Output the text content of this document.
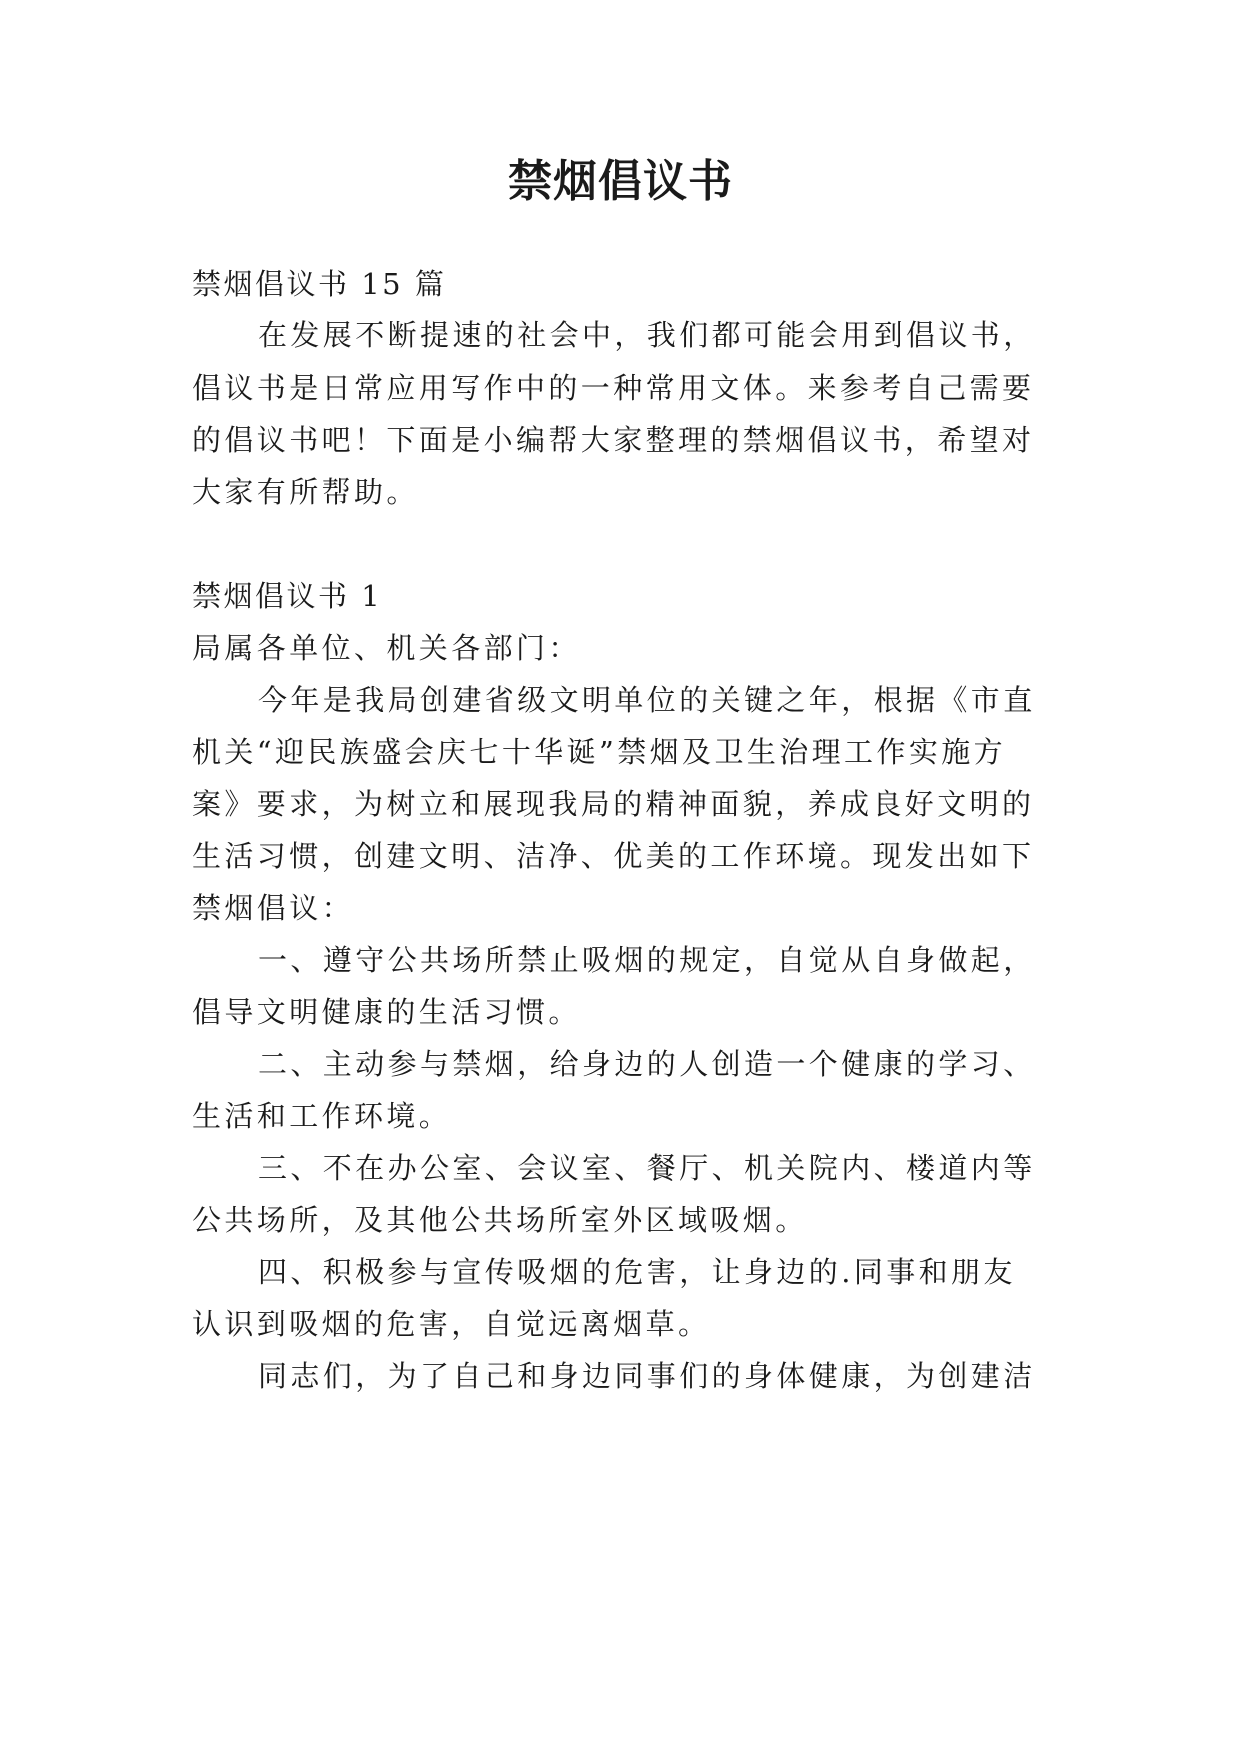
禁烟倡议书
禁烟倡议书 15 篇
在发展不断提速的社会中，我们都可能会用到倡议书，
倡议书是日常应用写作中的一种常用文体。来参考自己需要
的倡议书吧！下面是小编帮大家整理的禁烟倡议书，希望对
大家有所帮助。
禁烟倡议书 1
局属各单位、机关各部门：
今年是我局创建省级文明单位的关键之年，根据《市直
机关“迎民族盛会庆七十华诞”禁烟及卫生治理工作实施方
案》要求，为树立和展现我局的精神面貌，养成良好文明的
生活习惯，创建文明、洁净、优美的工作环境。现发出如下
禁烟倡议：
一、遵守公共场所禁止吸烟的规定，自觉从自身做起，
倡导文明健康的生活习惯。
二、主动参与禁烟，给身边的人创造一个健康的学习、
生活和工作环境。
三、不在办公室、会议室、餐厅、机关院内、楼道内等
公共场所，及其他公共场所室外区域吸烟。
四、积极参与宣传吸烟的危害，让身边的.同事和朋友
认识到吸烟的危害，自觉远离烟草。
同志们，为了自己和身边同事们的身体健康，为创建洁
